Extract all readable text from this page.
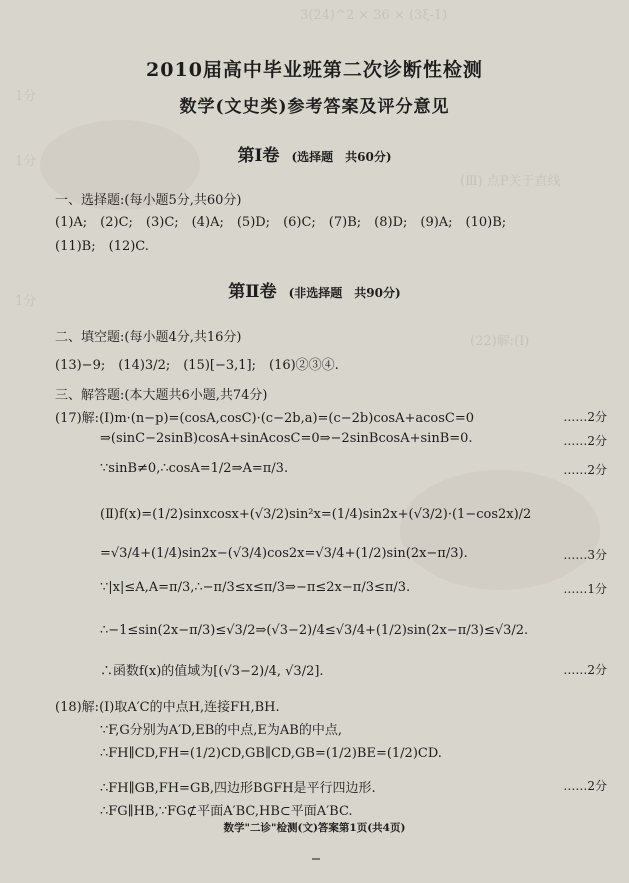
3(24)^2 × 36 × (3ξ-1)
1分
1分
1分
(Ⅲ) 点P关于直线
(22)解:(Ⅰ)
2010届高中毕业班第二次诊断性检测
数学(文史类)参考答案及评分意见
第Ⅰ卷 (选择题　共60分)
一、选择题:(每小题5分,共60分)
(1)A;　(2)C;　(3)C;　(4)A;　(5)D;　(6)C;　(7)B;　(8)D;　(9)A;　(10)B;
(11)B;　(12)C.
第Ⅱ卷 (非选择题　共90分)
二、填空题:(每小题4分,共16分)
(13)−9;　(14)3/2;　(15)[−3,1];　(16)②③④.
三、解答题:(本大题共6小题,共74分)
(17)解:(Ⅰ)m·(n−p)=(cosA,cosC)·(c−2b,a)=(c−2b)cosA+acosC=0	……2分
⇒(sinC−2sinB)cosA+sinAcosC=0⇒−2sinBcosA+sinB=0.	……2分
∵sinB≠0,∴cosA=1/2⇒A=π/3.	……2分
(Ⅱ)f(x)=(1/2)sinxcosx+(√3/2)sin²x=(1/4)sin2x+(√3/2)·(1−cos2x)/2
=√3/4+(1/4)sin2x−(√3/4)cos2x=√3/4+(1/2)sin(2x−π/3).	……3分
∵|x|≤A,A=π/3,∴−π/3≤x≤π/3⇒−π≤2x−π/3≤π/3.	……1分
∴−1≤sin(2x−π/3)≤√3/2⇒(√3−2)/4≤√3/4+(1/2)sin(2x−π/3)≤√3/2.
∴函数f(x)的值域为[(√3−2)/4, √3/2].	……2分
(18)解:(Ⅰ)取A′C的中点H,连接FH,BH.
∵F,G分别为A′D,EB的中点,E为AB的中点,
∴FH∥CD,FH=(1/2)CD,GB∥CD,GB=(1/2)BE=(1/2)CD.
∴FH∥GB,FH=GB,四边形BGFH是平行四边形.	……2分
∴FG∥HB,∵FG⊄平面A′BC,HB⊂平面A′BC.
数学"二诊"检测(文)答案第1页(共4页)
